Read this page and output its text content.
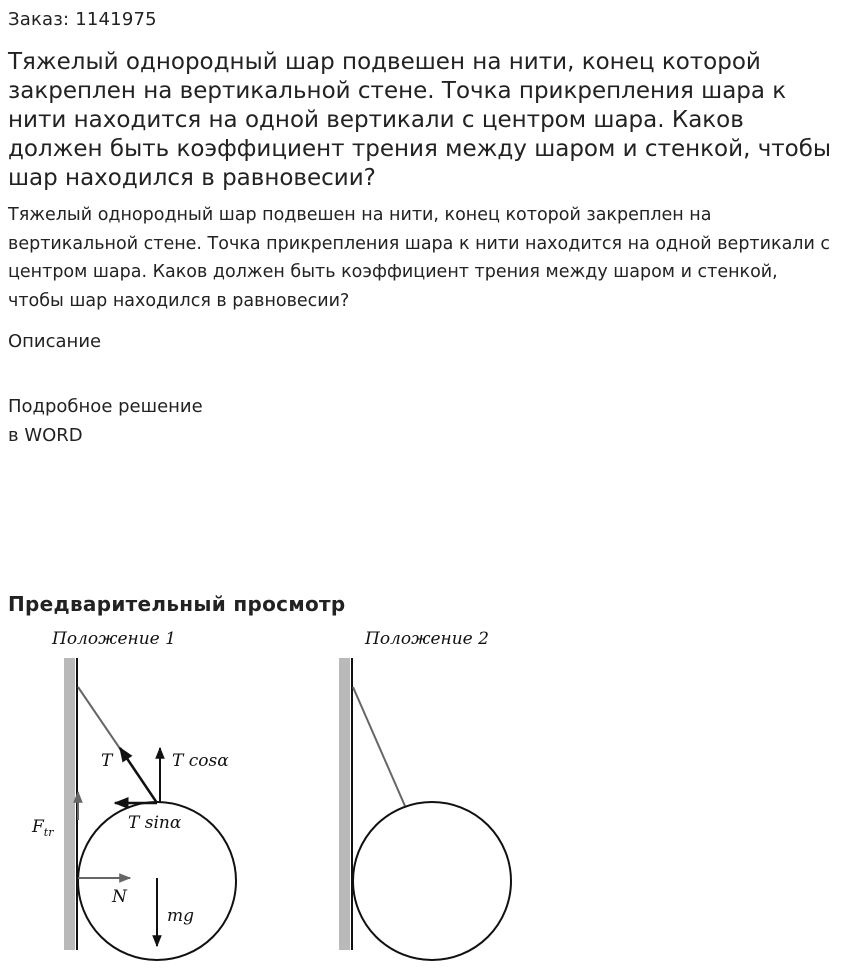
Заказ: 1141975
Тяжелый однородный шар подвешен на нити, конец которой закреплен на вертикальной стене. Точка прикрепления шара к нити находится на одной вертикали с центром шара. Каков должен быть коэффициент трения между шаром и стенкой, чтобы шар находился в равновесии?
Тяжелый однородный шар подвешен на нити, конец которой закреплен на вертикальной стене. Точка прикрепления шара к нити находится на одной вертикали с центром шара. Каков должен быть коэффициент трения между шаром и стенкой, чтобы шар находился в равновесии?
Описание
Подробное решение
в WORD
Предварительный просмотр
Положение 1
T	T cosα
T sinα
$F_{tr}$
N
mg
Положение 2
